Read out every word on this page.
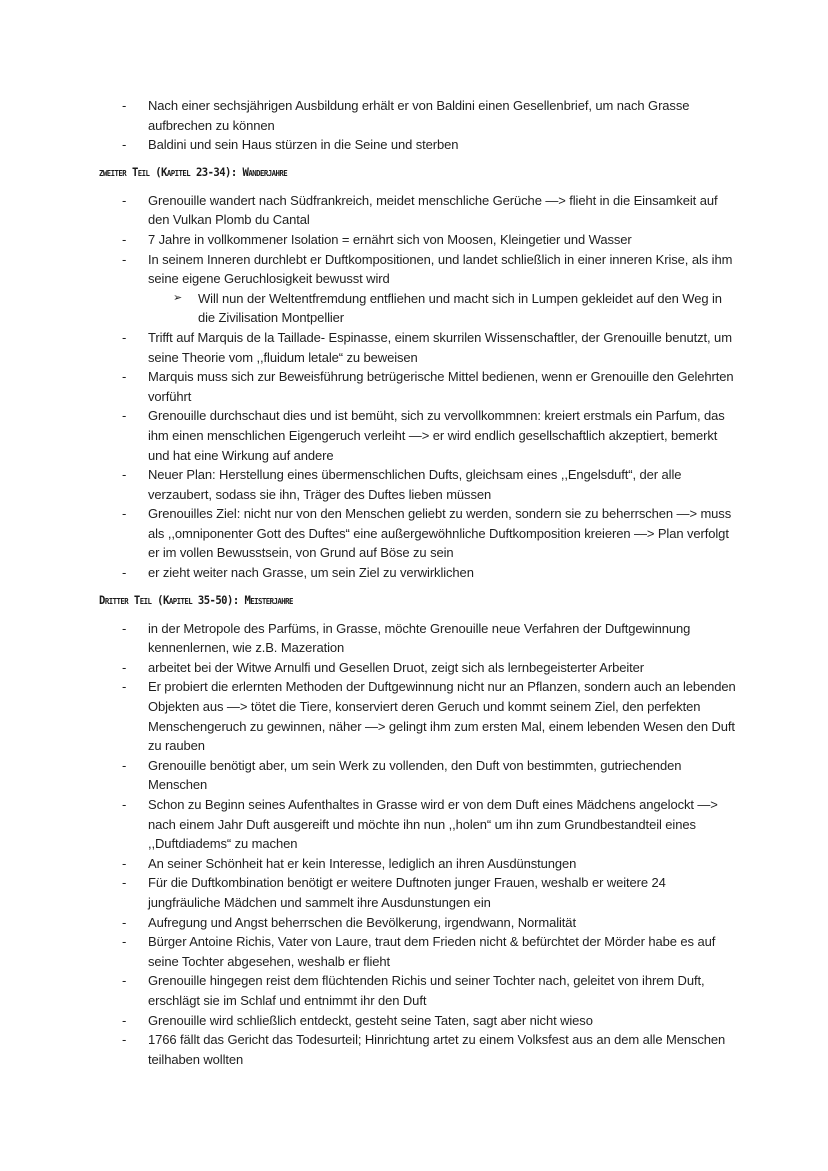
-	Nach einer sechsjährigen Ausbildung erhält er von Baldini einen Gesellenbrief, um nach Grasse aufbrechen zu können
-	Baldini und sein Haus stürzen in die Seine und sterben
zweiter Teil (Kapitel 23-34): Wanderjahre
-	Grenouille wandert nach Südfrankreich, meidet menschliche Gerüche —> flieht in die Einsamkeit auf den Vulkan Plomb du Cantal
-	7 Jahre in vollkommener Isolation = ernährt sich von Moosen, Kleingetier und Wasser
-	In seinem Inneren durchlebt er Duftkompositionen, und landet schließlich in einer inneren Krise, als ihm seine eigene Geruchlosigkeit bewusst wird
➢ Will nun der Weltentfremdung entfliehen und macht sich in Lumpen gekleidet auf den Weg in die Zivilisation Montpellier
-	Trifft auf Marquis de la Taillade- Espinasse, einem skurrilen Wissenschaftler, der Grenouille benutzt, um seine Theorie vom ,,fluidum letale“ zu beweisen
-	Marquis muss sich zur Beweisführung betrügerische Mittel bedienen, wenn er Grenouille den Gelehrten vorführt
-	Grenouille durchschaut dies und ist bemüht, sich zu vervollkommnen: kreiert erstmals ein Parfum, das ihm einen menschlichen Eigengeruch verleiht —> er wird endlich gesellschaftlich akzeptiert, bemerkt und hat eine Wirkung auf andere
-	Neuer Plan: Herstellung eines übermenschlichen Dufts, gleichsam eines ,,Engelsduft“, der alle verzaubert, sodass sie ihn, Träger des Duftes lieben müssen
-	Grenouilles Ziel: nicht nur von den Menschen geliebt zu werden, sondern sie zu beherrschen —> muss als ,,omniponenter Gott des Duftes“ eine außergewöhnliche Duftkomposition kreieren —> Plan verfolgt er im vollen Bewusstsein, von Grund auf Böse zu sein
-	er zieht weiter nach Grasse, um sein Ziel zu verwirklichen
Dritter Teil (Kapitel 35-50): Meisterjahre
-	in der Metropole des Parfüms, in Grasse, möchte Grenouille neue Verfahren der Duftgewinnung kennenlernen, wie z.B. Mazeration
-	arbeitet bei der Witwe Arnulfi und Gesellen Druot, zeigt sich als lernbegeisterter Arbeiter
-	Er probiert die erlernten Methoden der Duftgewinnung nicht nur an Pflanzen, sondern auch an lebenden Objekten aus —> tötet die Tiere, konserviert deren Geruch und kommt seinem Ziel, den perfekten Menschengeruch zu gewinnen, näher —> gelingt ihm zum ersten Mal, einem lebenden Wesen den Duft zu rauben
-	Grenouille benötigt aber, um sein Werk zu vollenden, den Duft von bestimmten, gutriechenden Menschen
-	Schon zu Beginn seines Aufenthaltes in Grasse wird er von dem Duft eines Mädchens angelockt —> nach einem Jahr Duft ausgereift und möchte ihn nun ,,holen“ um ihn zum Grundbestandteil eines ,,Duftdiadems“ zu machen
-	An seiner Schönheit hat er kein Interesse, lediglich an ihren Ausdünstungen
-	Für die Duftkombination benötigt er weitere Duftnoten junger Frauen, weshalb er weitere 24 jungfräuliche Mädchen und sammelt ihre Ausdunstungen ein
-	Aufregung und Angst beherrschen die Bevölkerung, irgendwann, Normalität
-	Bürger Antoine Richis, Vater von Laure, traut dem Frieden nicht & befürchtet der Mörder habe es auf seine Tochter abgesehen, weshalb er flieht
-	Grenouille hingegen reist dem flüchtenden Richis und seiner Tochter nach, geleitet von ihrem Duft, erschlägt sie im Schlaf und entnimmt ihr den Duft
-	Grenouille wird schließlich entdeckt, gesteht seine Taten, sagt aber nicht wieso
-	1766 fällt das Gericht das Todesurteil; Hinrichtung artet zu einem Volksfest aus an dem alle Menschen teilhaben wollten
